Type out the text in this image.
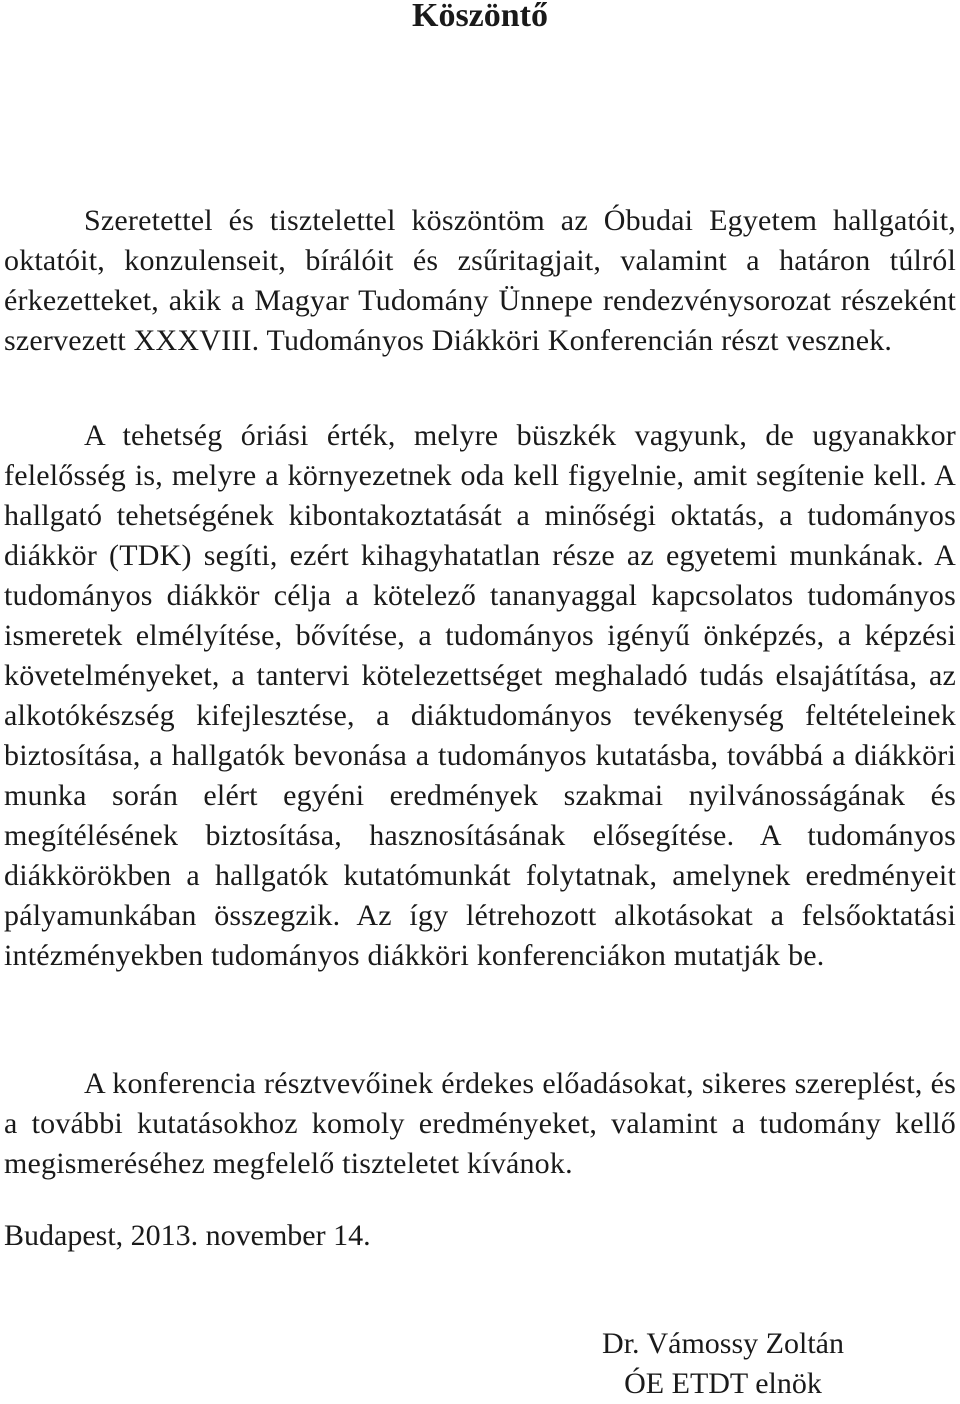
Köszöntő

Szeretettel és tisztelettel köszöntöm az Óbudai Egyetem hallgatóit, oktatóit, konzulenseit, bírálóit és zsűritagjait, valamint a határon túlról érkezetteket, akik a Magyar Tudomány Ünnepe rendezvénysorozat részeként szervezett XXXVIII. Tudományos Diákköri Konferencián részt vesznek.

A tehetség óriási érték, melyre büszkék vagyunk, de ugyanakkor felelősség is, melyre a környezetnek oda kell figyelnie, amit segítenie kell. A hallgató tehetségének kibontakoztatását a minőségi oktatás, a tudományos diákkör (TDK) segíti, ezért kihagyhatatlan része az egyetemi munkának. A tudományos diákkör célja a kötelező tananyaggal kapcsolatos tudományos ismeretek elmélyítése, bővítése, a tudományos igényű önképzés, a képzési követelményeket, a tantervi kötelezettséget meghaladó tudás elsajátítása, az alkotókészség kifejlesztése, a diáktudományos tevékenység feltételeinek biztosítása, a hallgatók bevonása a tudományos kutatásba, továbbá a diákköri munka során elért egyéni eredmények szakmai nyilvánosságának és megítélésének biztosítása, hasznosításának elősegítése. A tudományos diákkörökben a hallgatók kutatómunkát folytatnak, amelynek eredményeit pályamunkában összegzik. Az így létrehozott alkotásokat a felsőoktatási intézményekben tudományos diákköri konferenciákon mutatják be.

A konferencia résztvevőinek érdekes előadásokat, sikeres szereplést, és a további kutatásokhoz komoly eredményeket, valamint a tudomány kellő megismeréséhez megfelelő tiszteletet kívánok.

Budapest, 2013. november 14.

Dr. Vámossy Zoltán
ÓE ETDT elnök
